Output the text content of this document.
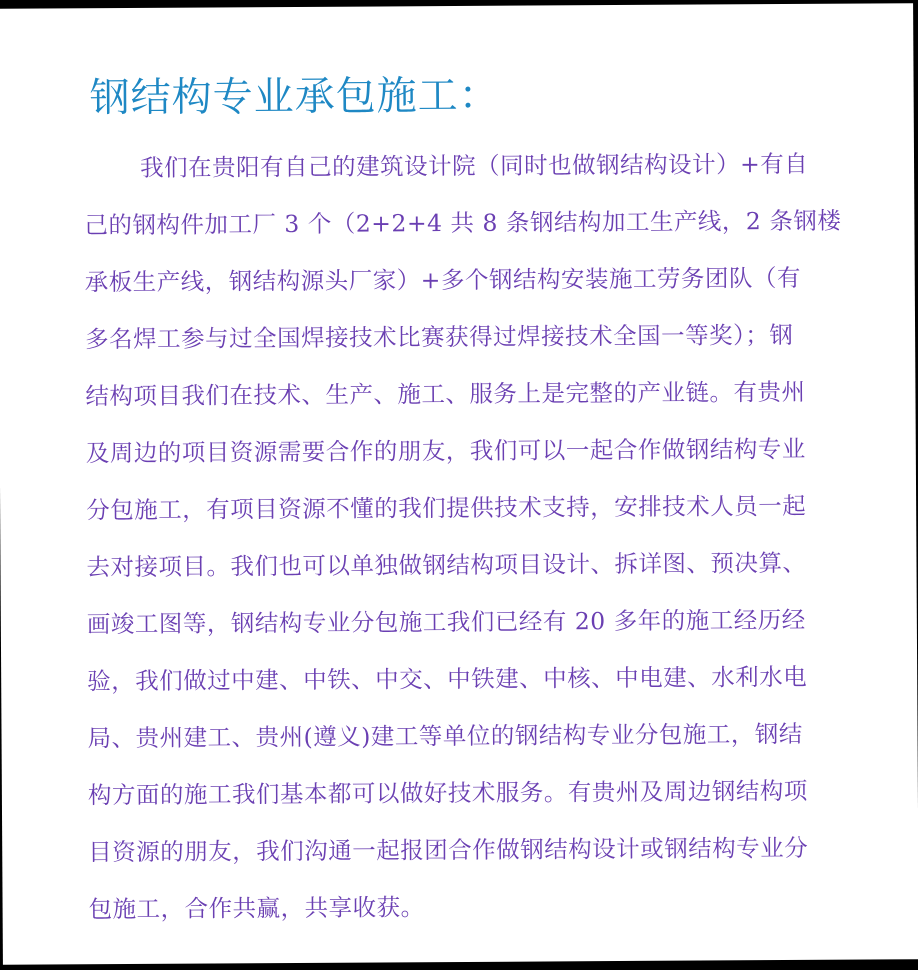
钢结构专业承包施工：
我们在贵阳有自己的建筑设计院（同时也做钢结构设计）+有自
己的钢构件加工厂 3 个（2+2+4 共 8 条钢结构加工生产线，2 条钢楼
承板生产线，钢结构源头厂家）+多个钢结构安装施工劳务团队（有
多名焊工参与过全国焊接技术比赛获得过焊接技术全国一等奖）；钢
结构项目我们在技术、生产、施工、服务上是完整的产业链。有贵州
及周边的项目资源需要合作的朋友，我们可以一起合作做钢结构专业
分包施工，有项目资源不懂的我们提供技术支持，安排技术人员一起
去对接项目。我们也可以单独做钢结构项目设计、拆详图、预决算、
画竣工图等，钢结构专业分包施工我们已经有 20 多年的施工经历经
验，我们做过中建、中铁、中交、中铁建、中核、中电建、水利水电
局、贵州建工、贵州(遵义)建工等单位的钢结构专业分包施工，钢结
构方面的施工我们基本都可以做好技术服务。有贵州及周边钢结构项
目资源的朋友，我们沟通一起报团合作做钢结构设计或钢结构专业分
包施工，合作共赢，共享收获。
